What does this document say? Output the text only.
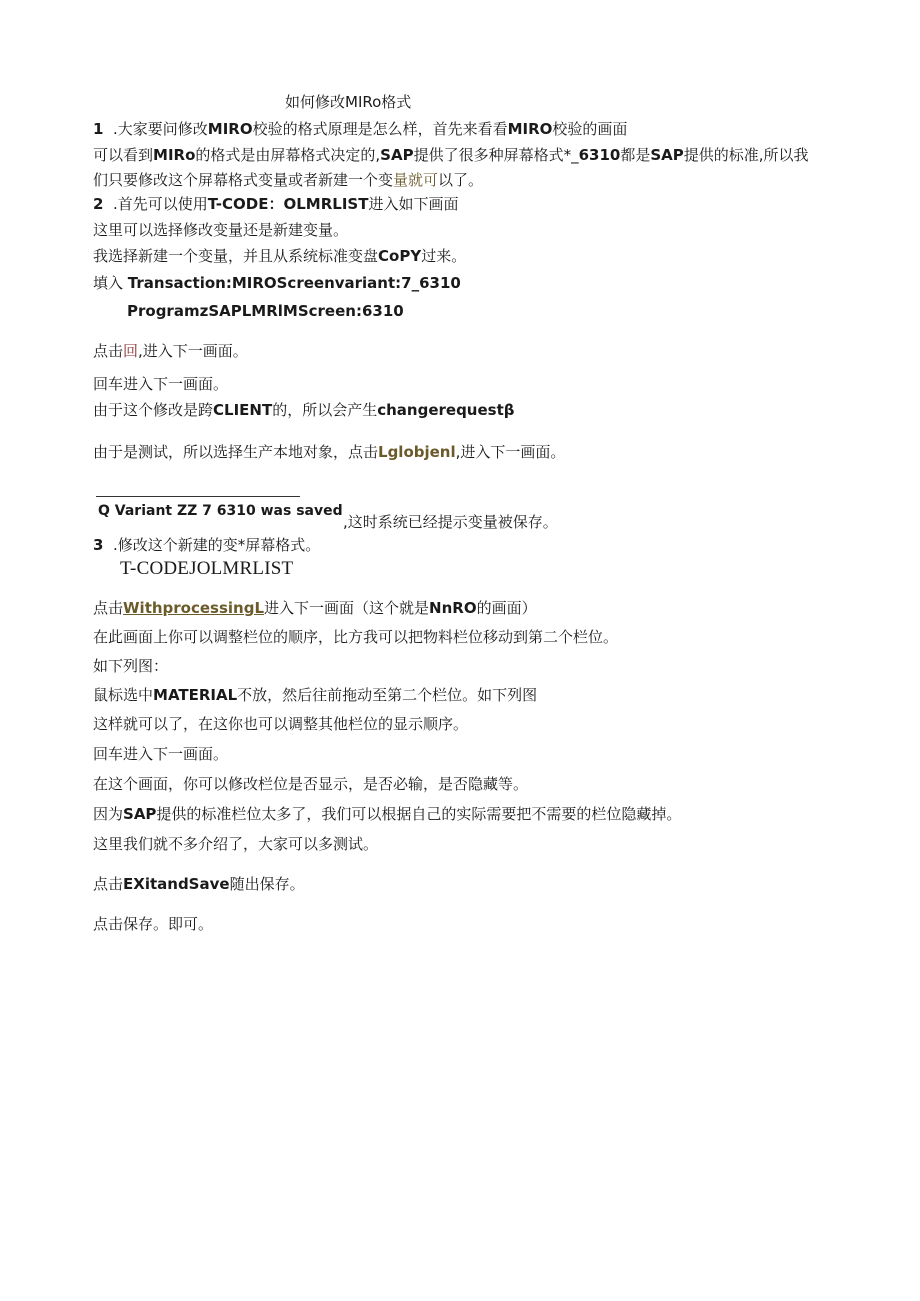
如何修改MIRo格式
1 .大家要问修改MIRO校验的格式原理是怎么样，首先来看看MIRO校验的画面
可以看到MIRo的格式是由屏幕格式决定的,SAP提供了很多种屏幕格式*_6310都是SAP提供的标准,所以我
们只要修改这个屏幕格式变量或者新建一个变量就可以了。
2 .首先可以使用T-CODE：OLMRLIST进入如下画面
这里可以选择修改变量还是新建变量。
我选择新建一个变量，并且从系统标准变盘CoPY过来。
填入 Transaction:MIROScreenvariant:7_6310
ProgramzSAPLMRlMScreen:6310
点击回,进入下一画面。
回车进入下一画面。
由于这个修改是跨CLIENT的，所以会产生changerequestβ
由于是测试，所以选择生产本地对象，点击Lglobjenl,进入下一画面。
Q Variant ZZ 7 6310 was saved
,这时系统已经提示变量被保存。
3 .修改这个新建的变*屏幕格式。
T-CODEJOLMRLIST
点击WithprocessingL进入下一画面（这个就是NnRO的画面）
在此画面上你可以调整栏位的顺序，比方我可以把物料栏位移动到第二个栏位。
如下列图：
鼠标选中MATERIAL不放，然后往前拖动至第二个栏位。如下列图
这样就可以了，在这你也可以调整其他栏位的显示顺序。
回车进入下一画面。
在这个画面，你可以修改栏位是否显示，是否必输，是否隐藏等。
因为SAP提供的标准栏位太多了，我们可以根据自己的实际需要把不需要的栏位隐藏掉。
这里我们就不多介绍了，大家可以多测试。
点击EXitandSave随出保存。
点击保存。即可。
